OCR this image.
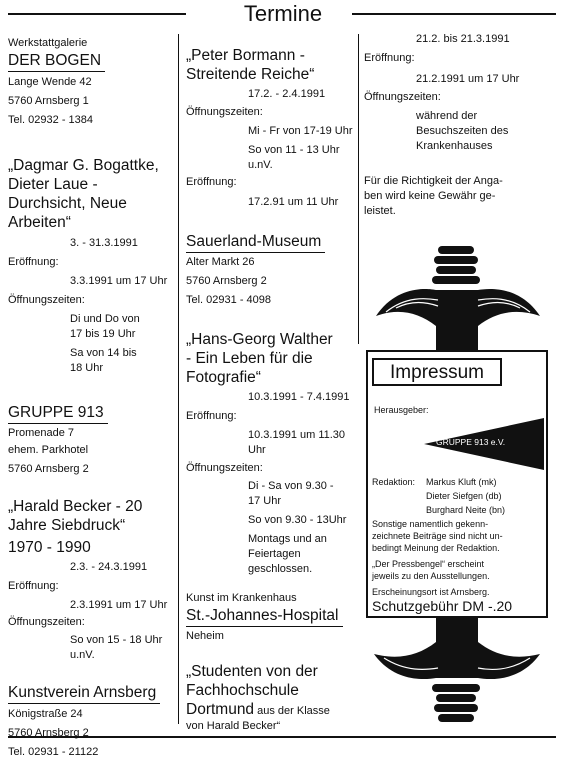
Termine
Werkstattgalerie
DER BOGEN
Lange Wende 42
5760 Arnsberg 1
Tel. 02932 - 1384
„Dagmar G. Bogattke,
Dieter Laue -
Durchsicht, Neue
Arbeiten“
3. - 31.3.1991
Eröffnung:
3.3.1991 um 17 Uhr
Öffnungszeiten:
Di und Do von
17 bis 19 Uhr
Sa von 14 bis
18 Uhr
GRUPPE 913
Promenade 7
ehem. Parkhotel
5760 Arnsberg 2
„Harald Becker - 20
Jahre Siebdruck“
1970 - 1990
2.3. - 24.3.1991
Eröffnung:
2.3.1991 um 17 Uhr
Öffnungszeiten:
So von 15 - 18 Uhr
u.nV.
Kunstverein Arnsberg
Königstraße 24
5760 Arnsberg 2
Tel. 02931 - 21122
„Peter Bormann -
Streitende Reiche“
17.2. - 2.4.1991
Öffnungszeiten:
Mi - Fr von 17-19 Uhr
So von 11 - 13 Uhr
u.nV.
Eröffnung:
17.2.91 um 11 Uhr
Sauerland-Museum
Alter Markt 26
5760 Arnsberg 2
Tel. 02931 - 4098
„Hans-Georg Walther
- Ein Leben für die
Fotografie“
10.3.1991 - 7.4.1991
Eröffnung:
10.3.1991 um 11.30
Uhr
Öffnungszeiten:
Di - Sa von 9.30 -
17 Uhr
So von 9.30 - 13Uhr
Montags und an
Feiertagen
geschlossen.
Kunst im Krankenhaus
St.-Johannes-Hospital
Neheim
„Studenten von der
Fachhochschule
Dortmund aus der Klasse
von Harald Becker“
21.2. bis 21.3.1991
Eröffnung:
21.2.1991 um 17 Uhr
Öffnungszeiten:
während der
Besuchszeiten des
Krankenhauses
Für die Richtigkeit der Anga-
ben wird keine Gewähr ge-
leistet.
Impressum
Herausgeber:
GRUPPE 913 e.V.
Redaktion: Markus Kluft (mk)
Dieter Siefgen (db)
Burghard Neite (bn)
Sonstige namentlich gekenn-
zeichnete Beiträge sind nicht un-
bedingt Meinung der Redaktion.
„Der Pressbengel“ erscheint
jeweils zu den Ausstellungen.
Erscheinungsort ist Arnsberg.
Schutzgebühr DM -.20
